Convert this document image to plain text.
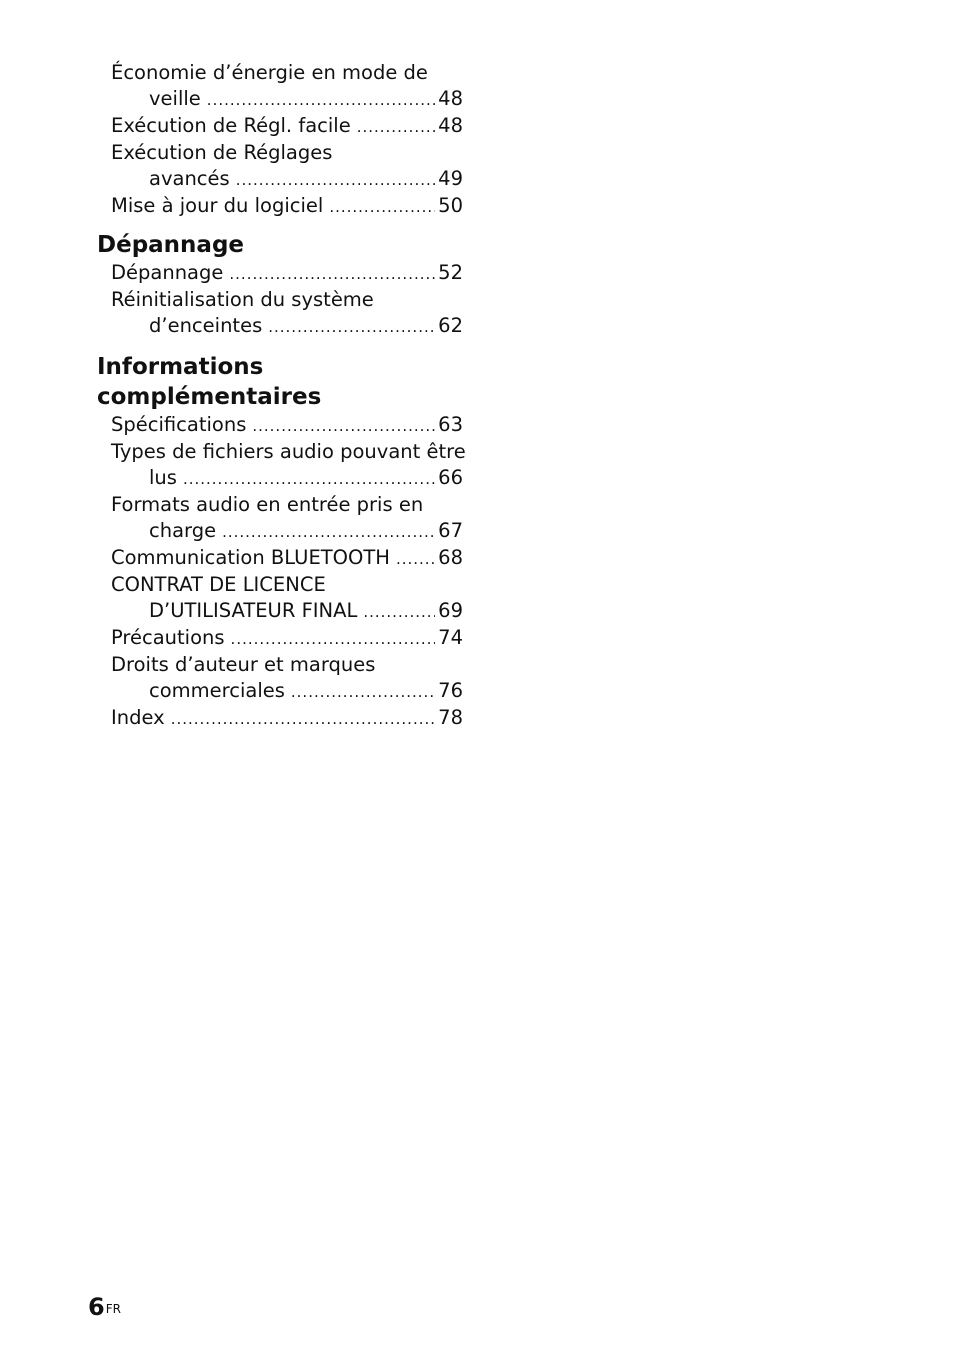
Économie d’énergie en mode de
veille .....	48
Exécution de Régl. facile .....	48
Exécution de Réglages
avancés .....	49
Mise à jour du logiciel .....	50
Dépannage
Dépannage .....	52
Réinitialisation du système
d’enceintes .....	62
Informations
complémentaires
Spécifications .....	63
Types de fichiers audio pouvant être
lus .....	66
Formats audio en entrée pris en
charge .....	67
Communication BLUETOOTH ..... 68
CONTRAT DE LICENCE
D’UTILISATEUR FINAL .....	69
Précautions .....	74
Droits d’auteur et marques
commerciales .....	76
Index .....	78
$6^{FR}$
